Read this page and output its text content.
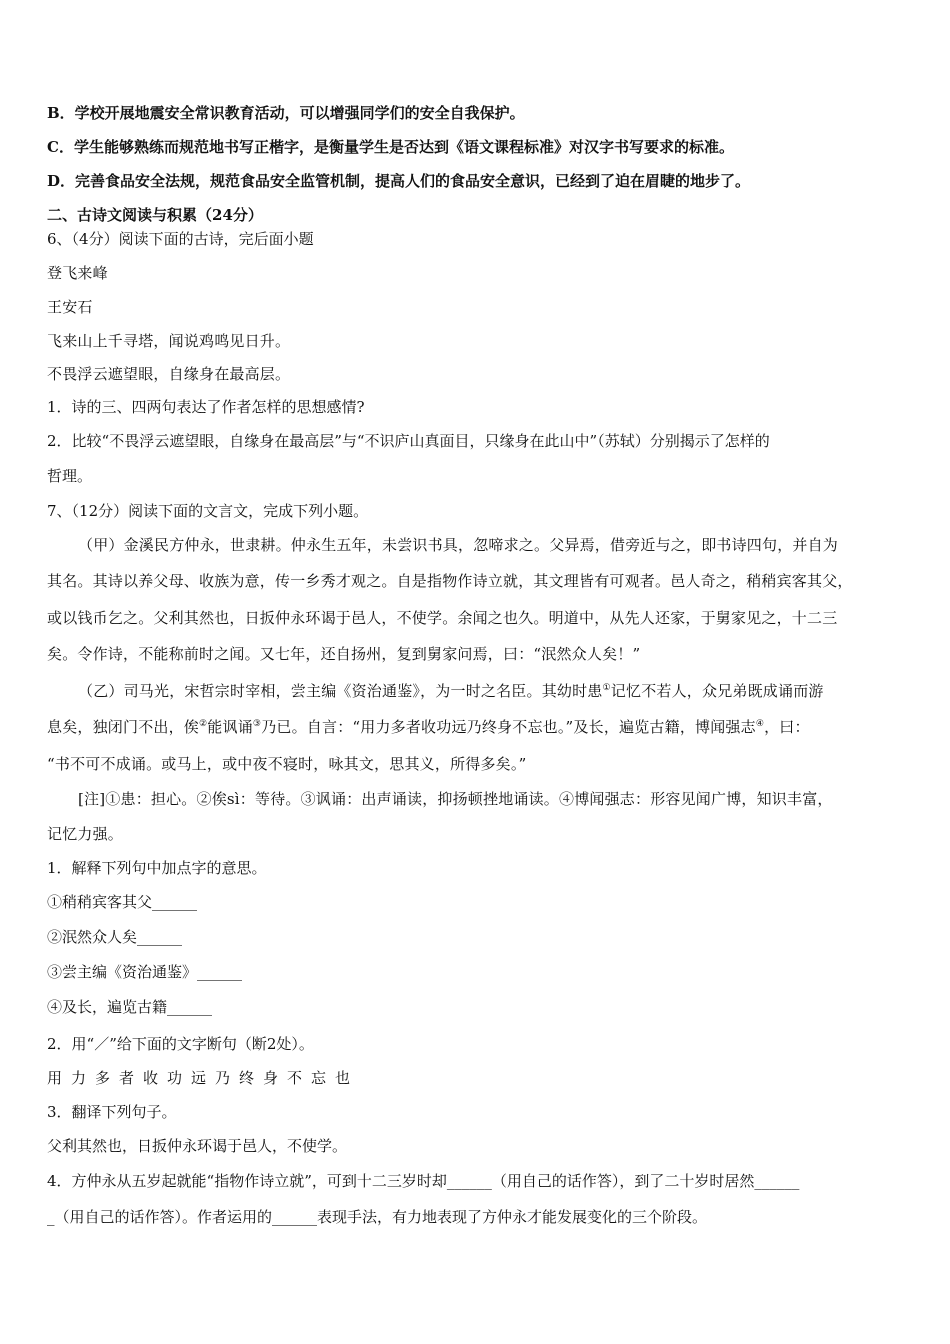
B．学校开展地震安全常识教育活动，可以增强同学们的安全自我保护。
C．学生能够熟练而规范地书写正楷字，是衡量学生是否达到《语文课程标准》对汉字书写要求的标准。
D．完善食品安全法规，规范食品安全监管机制，提高人们的食品安全意识，已经到了迫在眉睫的地步了。
二、古诗文阅读与积累（24分）
6、（4分）阅读下面的古诗，完后面小题
登飞来峰
王安石
飞来山上千寻塔，闻说鸡鸣见日升。
不畏浮云遮望眼，自缘身在最高层。
1．诗的三、四两句表达了作者怎样的思想感情?
2．比较“不畏浮云遮望眼，自缘身在最高层”与“不识庐山真面目，只缘身在此山中”（苏轼）分别揭示了怎样的
哲理。
7、（12分）阅读下面的文言文，完成下列小题。
（甲）金溪民方仲永，世隶耕。仲永生五年，未尝识书具，忽啼求之。父异焉，借旁近与之，即书诗四句，并自为
其名。其诗以养父母、收族为意，传一乡秀才观之。自是指物作诗立就，其文理皆有可观者。邑人奇之，稍稍宾客其父，
或以钱币乞之。父利其然也，日扳仲永环谒于邑人，不使学。余闻之也久。明道中，从先人还家，于舅家见之，十二三
矣。令作诗，不能称前时之闻。又七年，还自扬州，复到舅家问焉，曰：“泯然众人矣！”
（乙）司马光，宋哲宗时宰相，尝主编《资治通鉴》，为一时之名臣。其幼时患①记忆不若人，众兄弟既成诵而游
息矣，独闭门不出，俟②能讽诵③乃已。自言：“用力多者收功远乃终身不忘也。”及长，遍览古籍，博闻强志④，曰：
“书不可不成诵。或马上，或中夜不寝时，咏其文，思其义，所得多矣。”
[注]①患：担心。②俟sì：等待。③讽诵：出声诵读，抑扬顿挫地诵读。④博闻强志：形容见闻广博，知识丰富，
记忆力强。
1．解释下列句中加点字的意思。
①稍稍宾客其父______
②泯然众人矣______
③尝主编《资治通鉴》______
④及长，遍览古籍______
2．用“／”给下面的文字断句（断2处）。
用力多者收功远乃终身不忘也
3．翻译下列句子。
父利其然也，日扳仲永环谒于邑人，不使学。
4．方仲永从五岁起就能“指物作诗立就”，可到十二三岁时却______（用自己的话作答），到了二十岁时居然______
_（用自己的话作答）。作者运用的______表现手法，有力地表现了方仲永才能发展变化的三个阶段。
